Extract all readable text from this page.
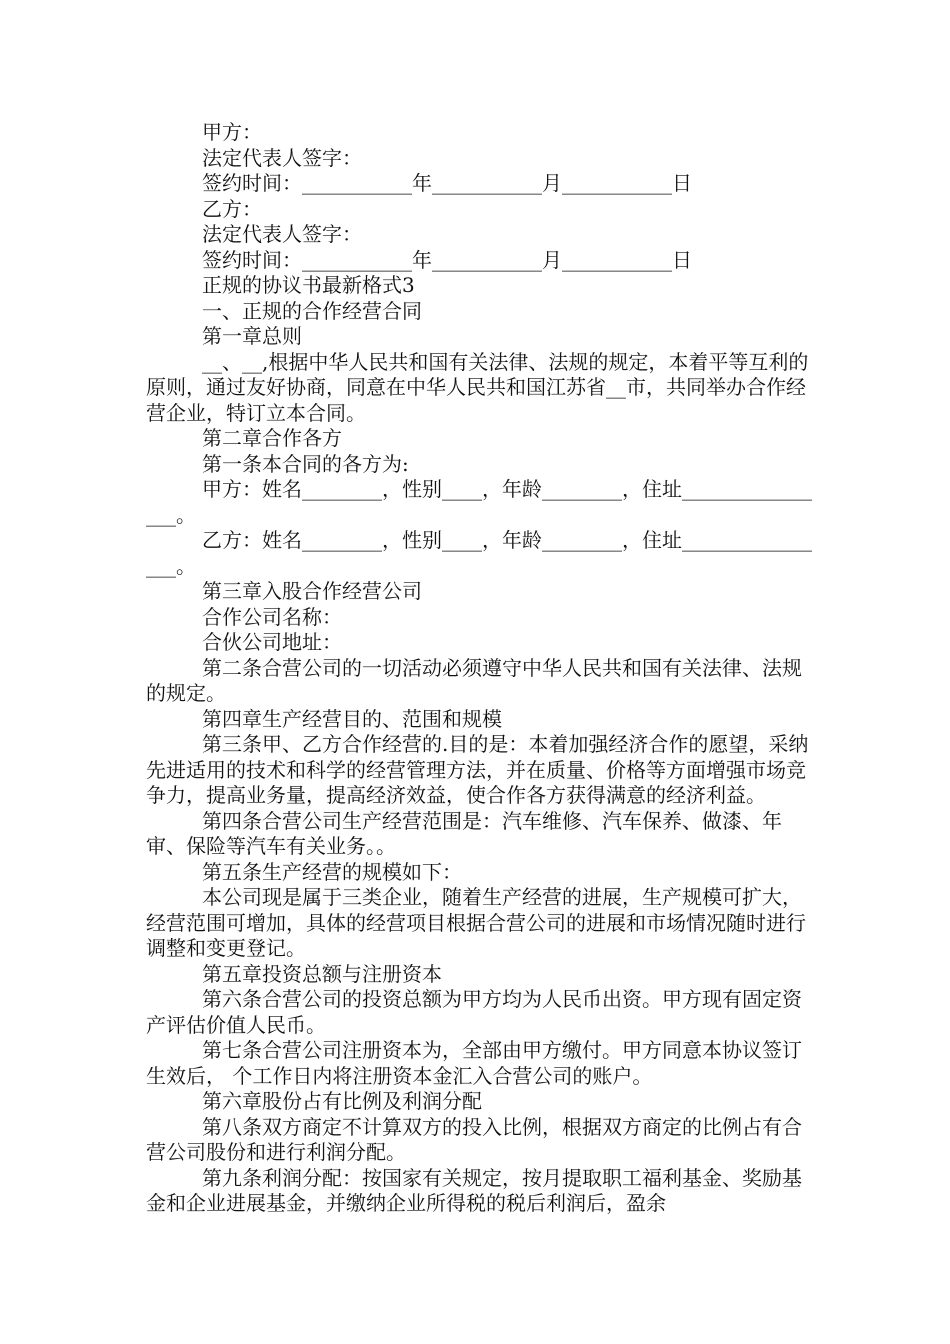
甲方：

法定代表人签字：

签约时间：___________年___________月___________日

乙方：

法定代表人签字：

签约时间：___________年___________月___________日

正规的协议书最新格式3

一、正规的合作经营合同

第一章总则

__、__,根据中华人民共和国有关法律、法规的规定，本着平等互利的原则，通过友好协商，同意在中华人民共和国江苏省__市，共同举办合作经营企业，特订立本合同。

第二章合作各方

第一条本合同的各方为:

甲方：姓名________，性别____，年龄________，住址________________。

乙方：姓名________，性别____，年龄________，住址________________。

第三章入股合作经营公司

合作公司名称：

合伙公司地址：

第二条合营公司的一切活动必须遵守中华人民共和国有关法律、法规的规定。

第四章生产经营目的、范围和规模

第三条甲、乙方合作经营的.目的是：本着加强经济合作的愿望，采纳先进适用的技术和科学的经营管理方法，并在质量、价格等方面增强市场竞争力，提高业务量，提高经济效益，使合作各方获得满意的经济利益。

第四条合营公司生产经营范围是：汽车维修、汽车保养、做漆、年审、保险等汽车有关业务。。

第五条生产经营的规模如下：

本公司现是属于三类企业，随着生产经营的进展，生产规模可扩大，经营范围可增加，具体的经营项目根据合营公司的进展和市场情况随时进行调整和变更登记。

第五章投资总额与注册资本

第六条合营公司的投资总额为甲方均为人民币出资。甲方现有固定资产评估价值人民币。

第七条合营公司注册资本为，全部由甲方缴付。甲方同意本协议签订生效后， 个工作日内将注册资本金汇入合营公司的账户。

第六章股份占有比例及利润分配

第八条双方商定不计算双方的投入比例，根据双方商定的比例占有合营公司股份和进行利润分配。

第九条利润分配：按国家有关规定，按月提取职工福利基金、奖励基金和企业进展基金，并缴纳企业所得税的税后利润后，盈余
